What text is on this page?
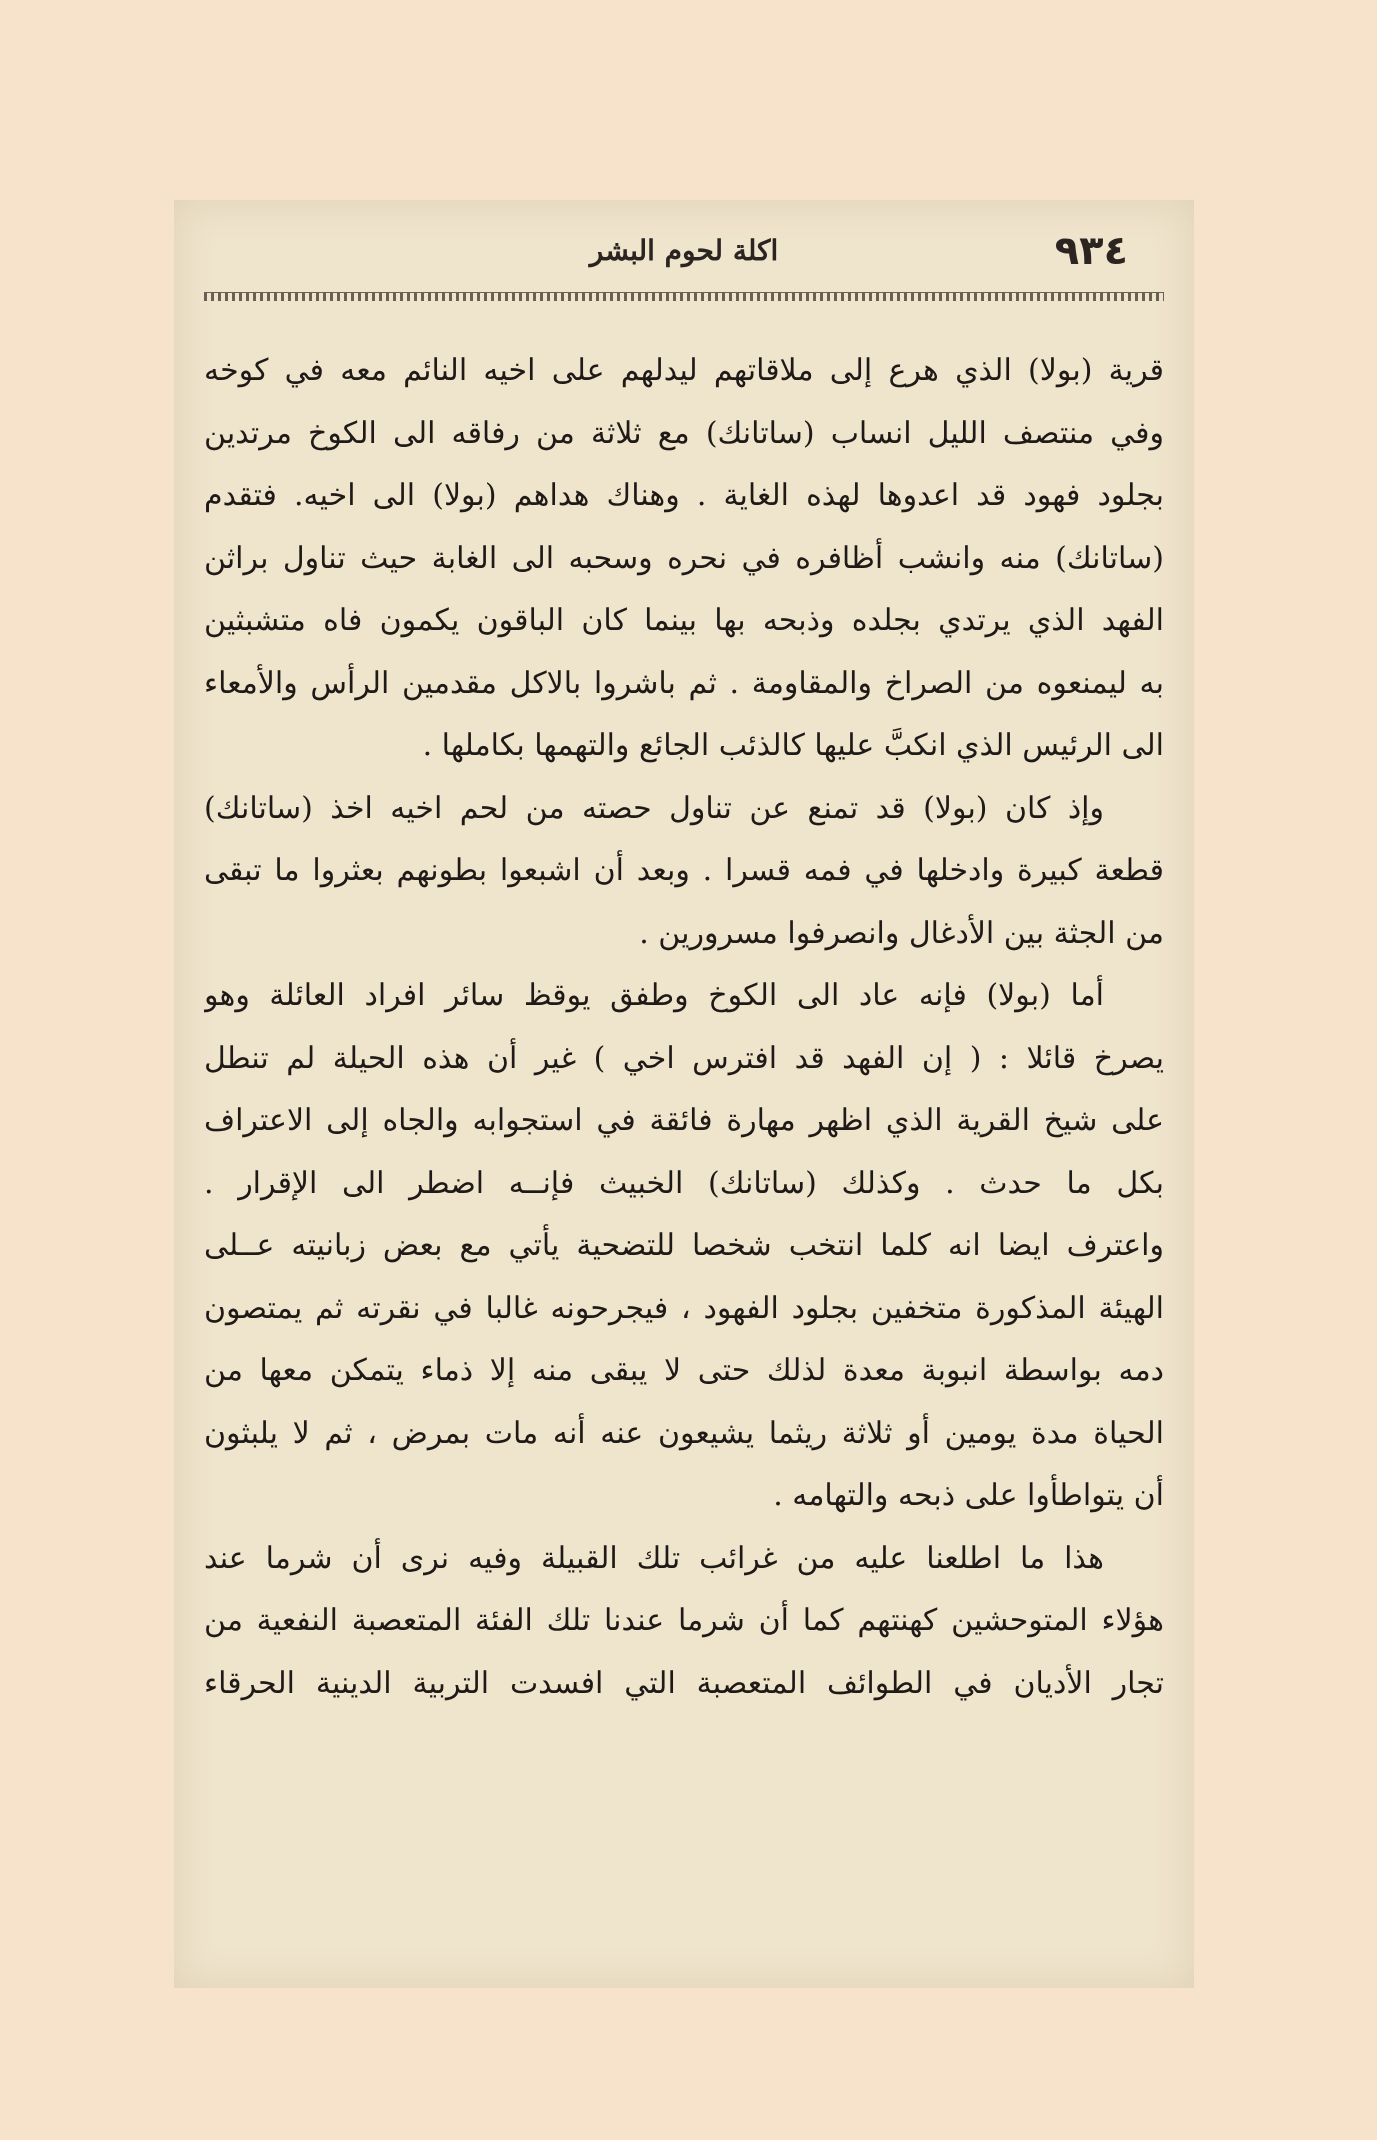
٩٣٤
اكلة لحوم البشر
قرية (بولا) الذي هرع إلى ملاقاتهم ليدلهم على اخيه النائم معه في كوخه
وفي منتصف الليل انساب (ساتانك) مع ثلاثة من رفاقه الى الكوخ مرتدين
بجلود فهود قد اعدوها لهذه الغاية . وهناك هداهم (بولا) الى اخيه. فتقدم
(ساتانك) منه وانشب أظافره في نحره وسحبه الى الغابة حيث تناول براثن
الفهد الذي يرتدي بجلده وذبحه بها بينما كان الباقون يكمون فاه متشبثين
به ليمنعوه من الصراخ والمقاومة . ثم باشروا بالاكل مقدمين الرأس والأمعاء
الى الرئيس الذي انكبَّ عليها كالذئب الجائع والتهمها بكاملها .
وإذ كان (بولا) قد تمنع عن تناول حصته من لحم اخيه اخذ (ساتانك)
قطعة كبيرة وادخلها في فمه قسرا . وبعد أن اشبعوا بطونهم بعثروا ما تبقى
من الجثة بين الأدغال وانصرفوا مسرورين .
أما (بولا) فإنه عاد الى الكوخ وطفق يوقظ سائر افراد العائلة وهو
يصرخ قائلا : ( إن الفهد قد افترس اخي ) غير أن هذه الحيلة لم تنطل
على شيخ القرية الذي اظهر مهارة فائقة في استجوابه والجاه إلى الاعتراف
بكل ما حدث . وكذلك (ساتانك) الخبيث فإنــه اضطر الى الإقرار .
واعترف ايضا انه كلما انتخب شخصا للتضحية يأتي مع بعض زبانيته عــلى
الهيئة المذكورة متخفين بجلود الفهود ، فيجرحونه غالبا في نقرته ثم يمتصون
دمه بواسطة انبوبة معدة لذلك حتى لا يبقى منه إلا ذماء يتمكن معها من
الحياة مدة يومين أو ثلاثة ريثما يشيعون عنه أنه مات بمرض ، ثم لا يلبثون
أن يتواطأوا على ذبحه والتهامه .
هذا ما اطلعنا عليه من غرائب تلك القبيلة وفيه نرى أن شرما عند
هؤلاء المتوحشين كهنتهم كما أن شرما عندنا تلك الفئة المتعصبة النفعية من
تجار الأديان في الطوائف المتعصبة التي افسدت التربية الدينية الحرقاء
